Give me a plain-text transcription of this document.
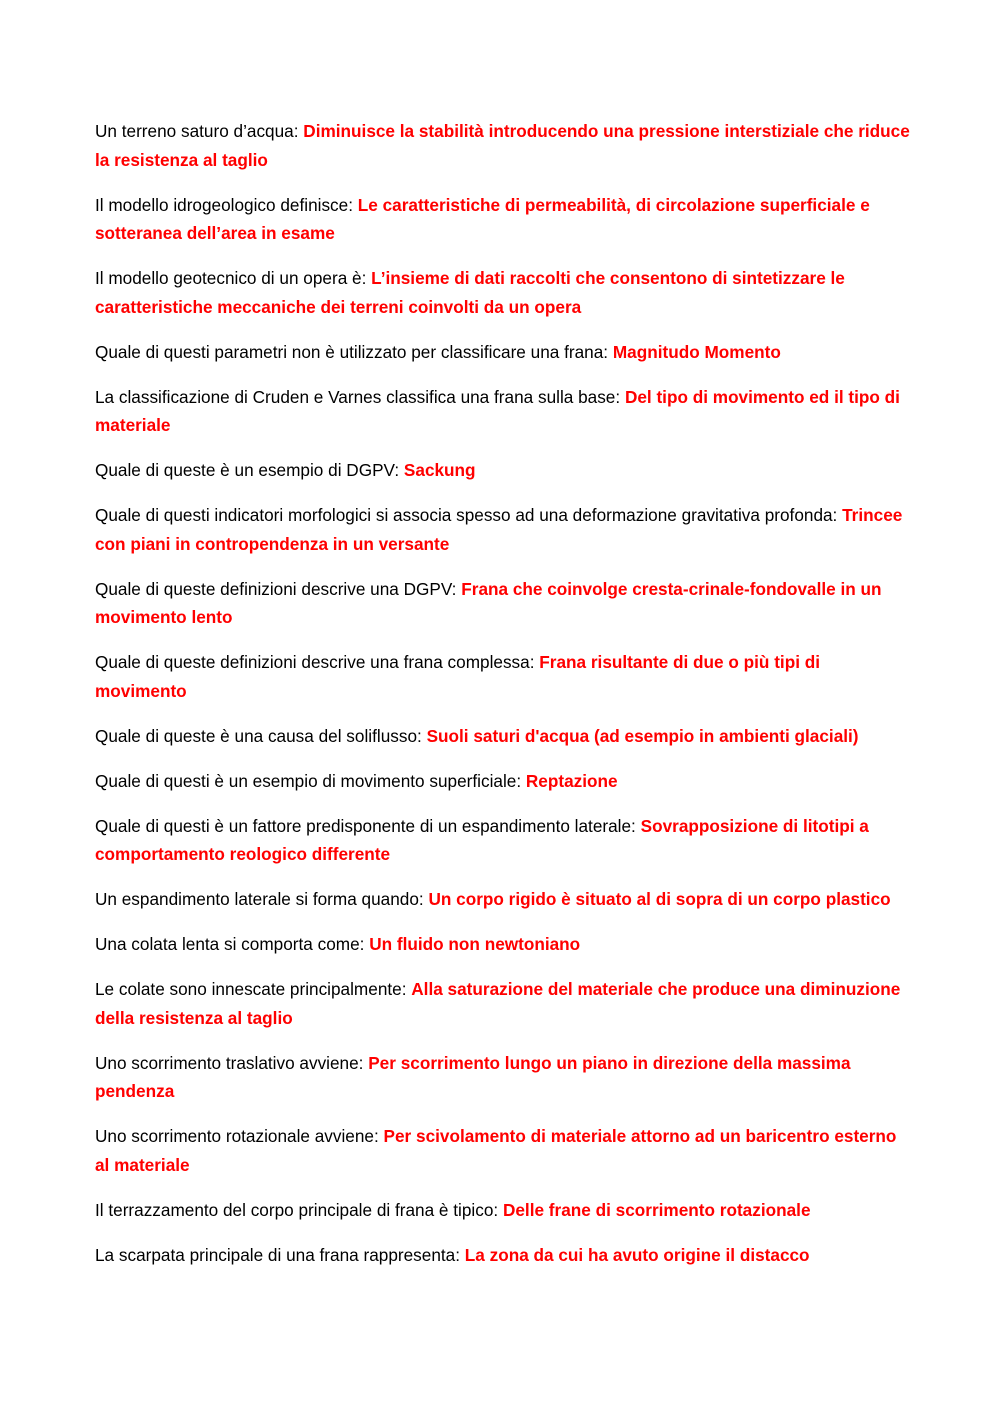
Un terreno saturo d’acqua: Diminuisce la stabilità introducendo una pressione interstiziale che riduce la resistenza al taglio

Il modello idrogeologico definisce: Le caratteristiche di permeabilità, di circolazione superficiale e sotteranea dell’area in esame

Il modello geotecnico di un opera è: L’insieme di dati raccolti che consentono di sintetizzare le caratteristiche meccaniche dei terreni coinvolti da un opera

Quale di questi parametri non è utilizzato per classificare una frana: Magnitudo Momento

La classificazione di Cruden e Varnes classifica una frana sulla base: Del tipo di movimento ed il tipo di materiale

Quale di queste è un esempio di DGPV: Sackung

Quale di questi indicatori morfologici si associa spesso ad una deformazione gravitativa profonda: Trincee con piani in contropendenza in un versante

Quale di queste definizioni descrive una DGPV: Frana che coinvolge cresta-crinale-fondovalle in un movimento lento

Quale di queste definizioni descrive una frana complessa: Frana risultante di due o più tipi di movimento

Quale di queste è una causa del soliflusso: Suoli saturi d'acqua (ad esempio in ambienti glaciali)

Quale di questi è un esempio di movimento superficiale: Reptazione

Quale di questi è un fattore predisponente di un espandimento laterale: Sovrapposizione di litotipi a comportamento reologico differente

Un espandimento laterale si forma quando: Un corpo rigido è situato al di sopra di un corpo plastico

Una colata lenta si comporta come: Un fluido non newtoniano

Le colate sono innescate principalmente: Alla saturazione del materiale che produce una diminuzione della resistenza al taglio

Uno scorrimento traslativo avviene: Per scorrimento lungo un piano in direzione della massima pendenza

Uno scorrimento rotazionale avviene: Per scivolamento di materiale attorno ad un baricentro esterno al materiale

Il terrazzamento del corpo principale di frana è tipico: Delle frane di scorrimento rotazionale

La scarpata principale di una frana rappresenta: La zona da cui ha avuto origine il distacco
